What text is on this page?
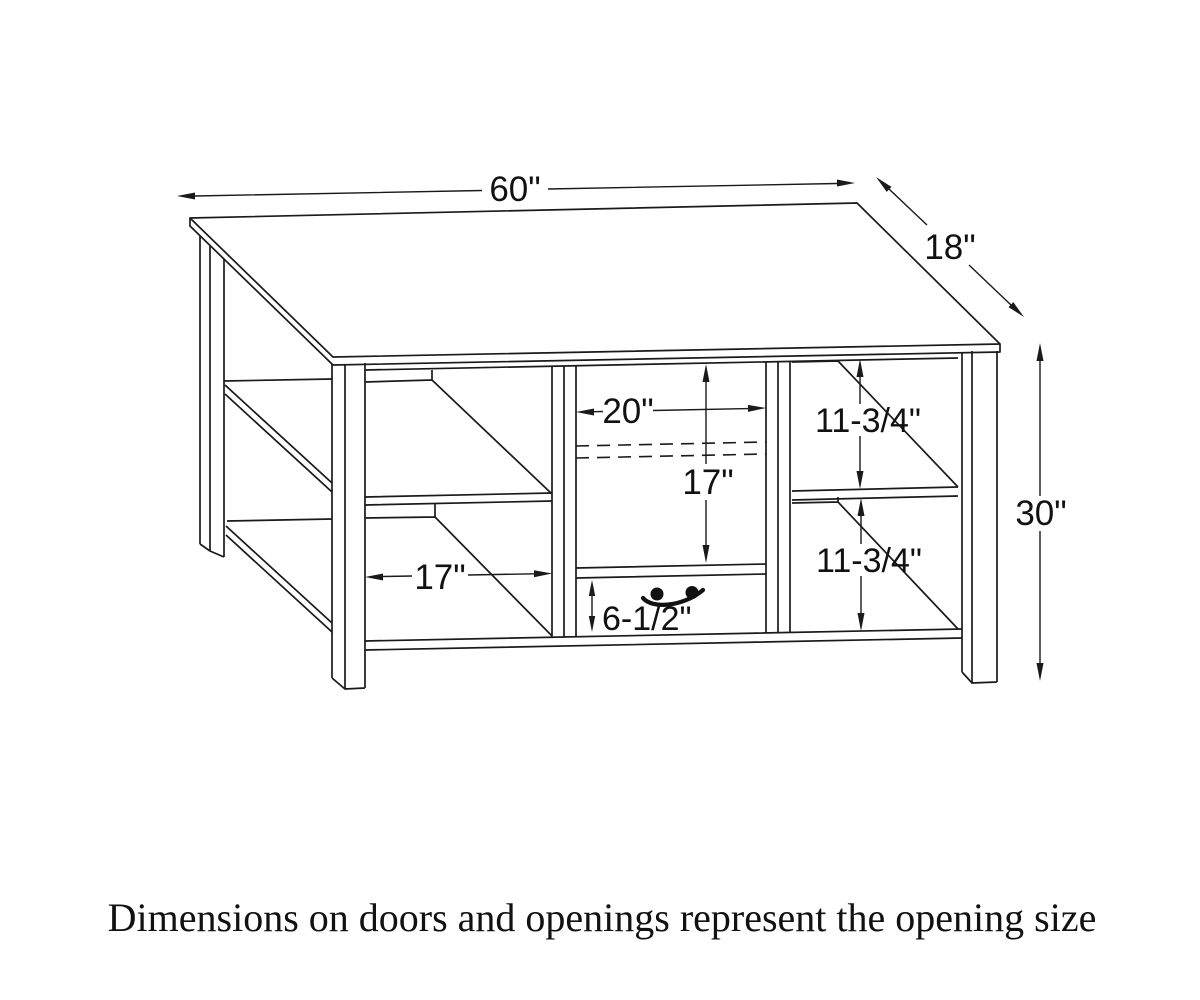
60"
18"
30"
20"
17"
11-3/4"
11-3/4"
17"
6-1/2"
Dimensions on doors and openings represent the opening size
